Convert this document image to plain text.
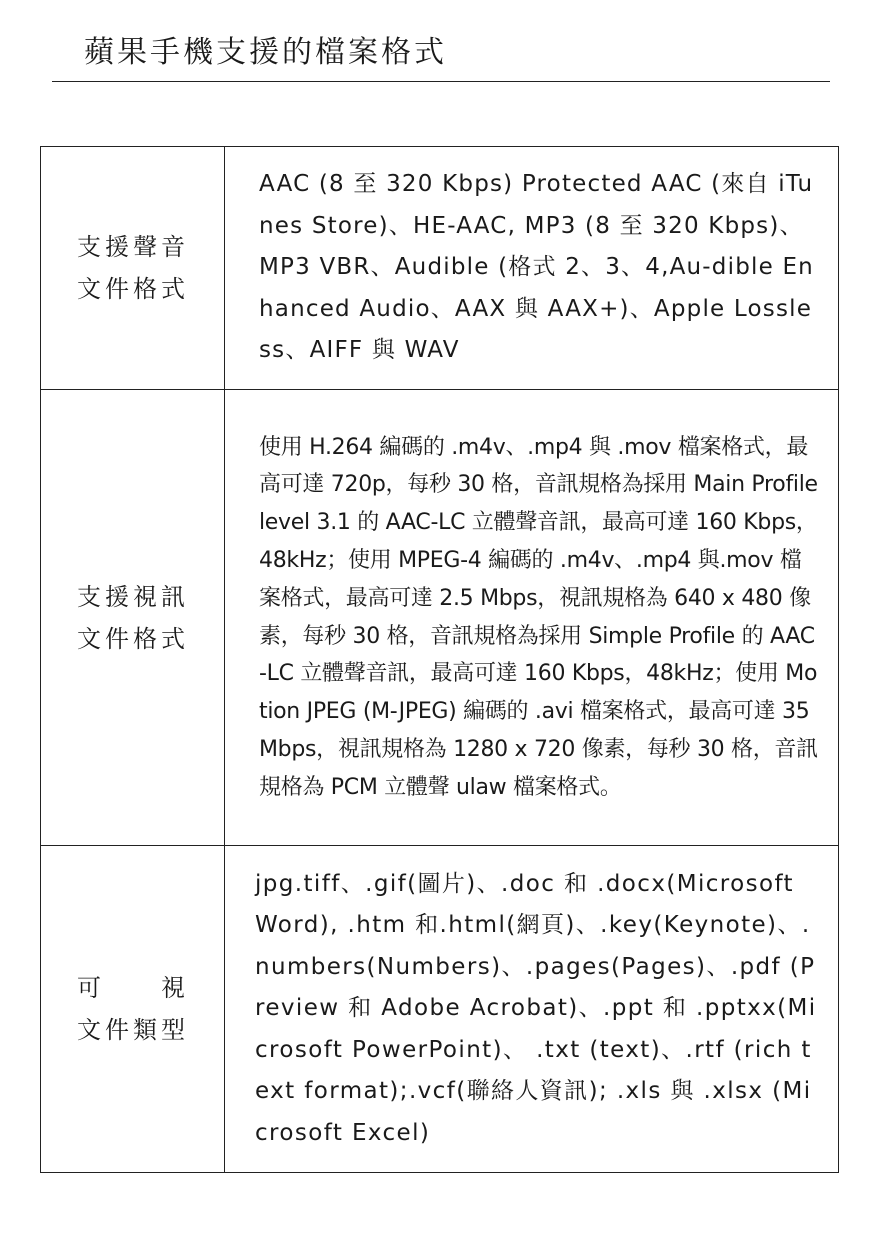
蘋果手機支援的檔案格式
支援聲音
文件格式	AAC (8 至 320 Kbps) Protected AAC (來自 iTunes Store)、HE-AAC, MP3 (8 至 320 Kbps)、MP3 VBR、Audible (格式 2、3、4,Au-dible Enhanced Audio、AAX 與 AAX+)、Apple Lossless、AIFF 與 WAV

支援視訊
文件格式	使用 H.264 編碼的 .m4v、.mp4 與 .mov 檔案格式，最高可達 720p，每秒 30 格，音訊規格為採用 Main Profile level 3.1 的 AAC-LC 立體聲音訊，最高可達 160 Kbps，48kHz；使用 MPEG-4 編碼的 .m4v、.mp4 與.mov 檔案格式，最高可達 2.5 Mbps，視訊規格為 640 x 480 像素，每秒 30 格，音訊規格為採用 Simple Profile 的 AAC-LC 立體聲音訊，最高可達 160 Kbps，48kHz；使用 Motion JPEG (M-JPEG) 編碼的 .avi 檔案格式，最高可達 35 Mbps，視訊規格為 1280 x 720 像素，每秒 30 格，音訊規格為 PCM 立體聲 ulaw 檔案格式。

可　　視
文件類型	jpg.tiff、.gif(圖片)、.doc 和 .docx(Microsoft Word), .htm 和.html(網頁)、.key(Keynote)、.numbers(Numbers)、.pages(Pages)、.pdf (Preview 和 Adobe Acrobat)、.ppt 和 .pptxx(Microsoft PowerPoint)、 .txt (text)、.rtf (rich text format);.vcf(聯絡人資訊); .xls 與 .xlsx (Microsoft Excel)
